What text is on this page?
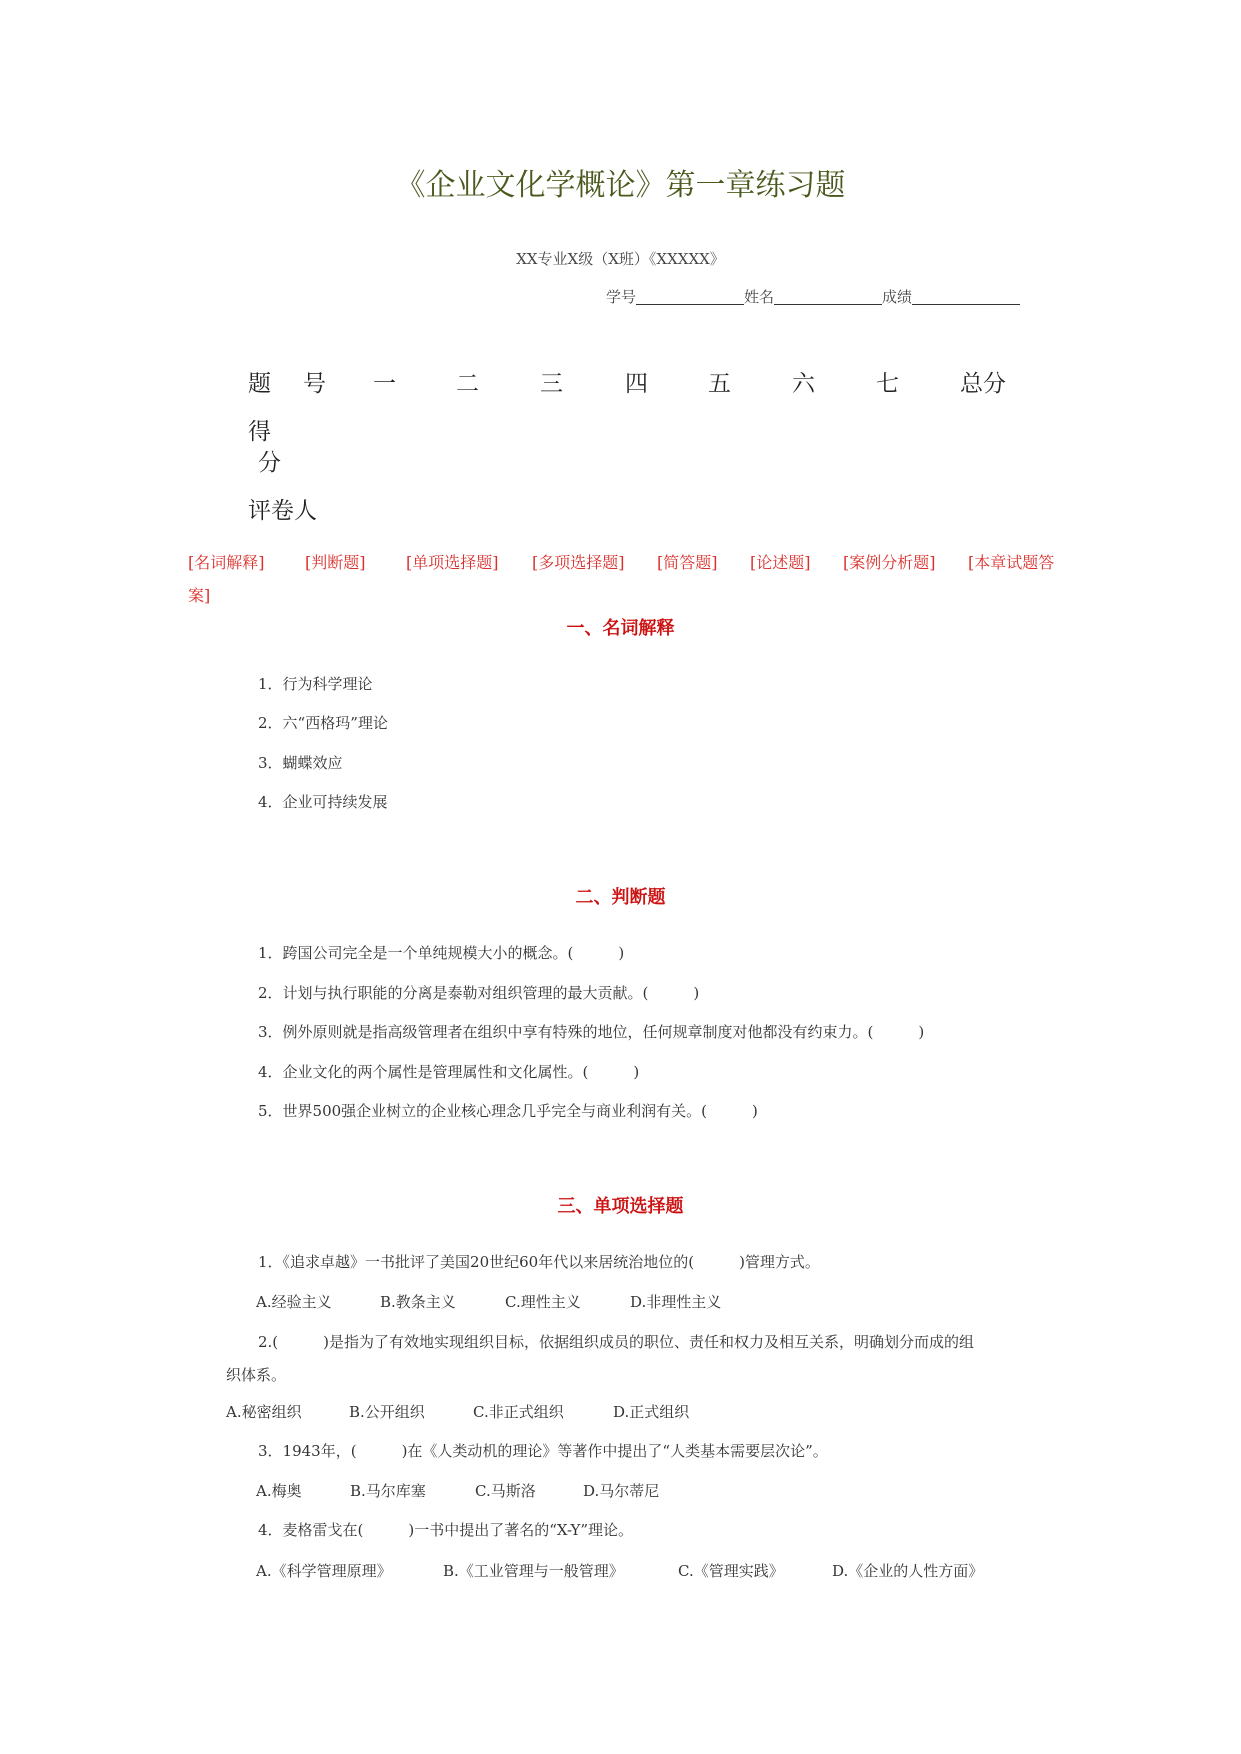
《企业文化学概论》第一章练习题
XX专业X级（X班）《XXXXX》
学号	姓名	成绩
题 号 一	二	三	四	五	六	七	总分
得
分
评卷人
[名词解释]	[判断题]	[单项选择题] [多项选择题] [简答题] [论述题] [案例分析题] [本章试题答
案]
一、名词解释
1．行为科学理论
2．六“西格玛”理论
3．蝴蝶效应
4．企业可持续发展
二、判断题
1．跨国公司完全是一个单纯规模大小的概念。(　　　)
2．计划与执行职能的分离是泰勒对组织管理的最大贡献。(　　　)
3．例外原则就是指高级管理者在组织中享有特殊的地位，任何规章制度对他都没有约束力。(　　　)
4．企业文化的两个属性是管理属性和文化属性。(　　　)
5．世界500强企业树立的企业核心理念几乎完全与商业利润有关。(　　　)
三、单项选择题
1．《追求卓越》一书批评了美国20世纪60年代以来居统治地位的(　　　)管理方式。
A.经验主义	B.教条主义	C.理性主义	D.非理性主义
2.(　　　)是指为了有效地实现组织目标，依据组织成员的职位、责任和权力及相互关系，明确划分而成的组
织体系。
A.秘密组织	B.公开组织	C.非正式组织	D.正式组织
3．1943年，(　　　)在《人类动机的理论》等著作中提出了“人类基本需要层次论”。
A.梅奥	B.马尔库塞	C.马斯洛	D.马尔蒂尼
4．麦格雷戈在(　　　)一书中提出了著名的“X-Y”理论。
A.《科学管理原理》	B.《工业管理与一般管理》	C.《管理实践》	D.《企业的人性方面》
